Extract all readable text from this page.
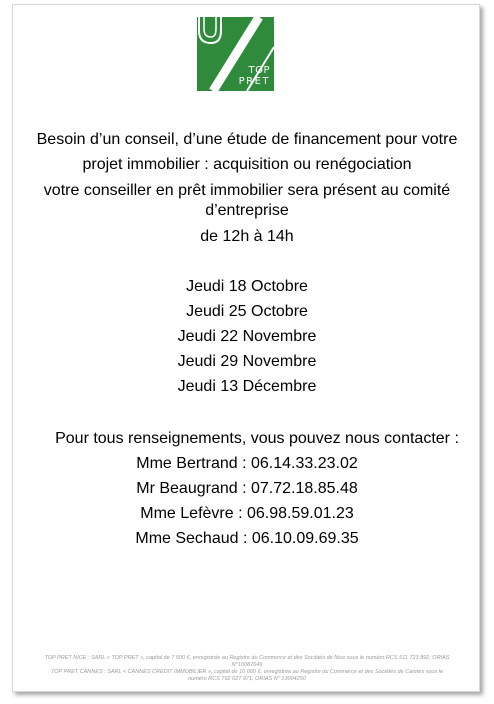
TOP
PRET
Besoin d’un conseil, d’une étude de financement pour votre
projet immobilier : acquisition ou renégociation
votre conseiller en prêt immobilier sera présent au comité
d’entreprise
de 12h à 14h
Jeudi 18 Octobre
Jeudi 25 Octobre
Jeudi 22 Novembre
Jeudi 29 Novembre
Jeudi 13 Décembre
Pour tous renseignements, vous pouvez nous contacter :
Mme Bertrand : 06.14.33.23.02
Mr Beaugrand : 07.72.18.85.48
Mme Lefèvre : 06.98.59.01.23
Mme Sechaud : 06.10.09.69.35
TOP PRET NICE : SARL « TOP PRET », capital de 7 500 €, enregistrée au Registre du Commerce et des Sociétés de Nice sous le numéro RCS 511 723 892, ORIAS
N°10087649
TOP PRET CANNES : SARL « CANNES CREDIT IMMOBILIER », capital de 10 000 €, enregistrée au Registre du Commerce et des Sociétés de Cannes sous le
numéro RCS 792 027 971, ORIAS N° 13004250
